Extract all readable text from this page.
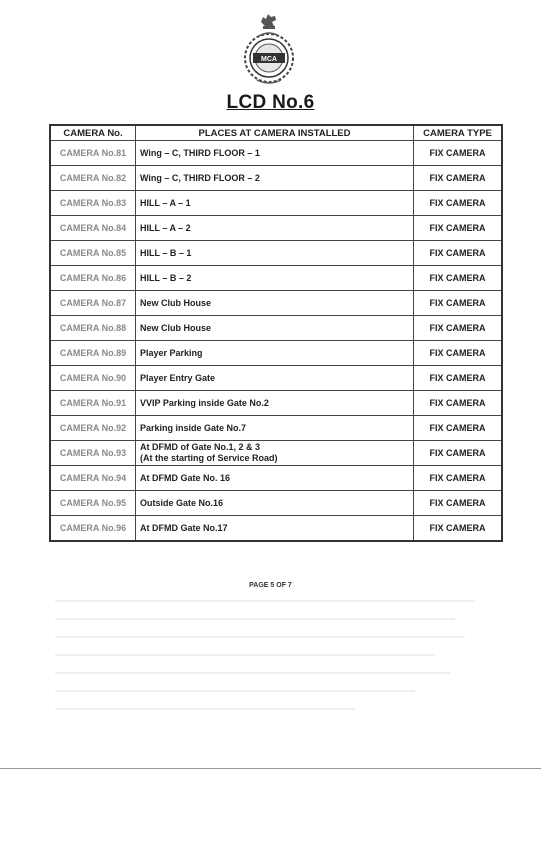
MCA
LCD No.6
CAMERA No.	PLACES AT CAMERA INSTALLED	CAMERA TYPE
CAMERA No.81	Wing – C, THIRD FLOOR – 1	FIX CAMERA
CAMERA No.82	Wing – C, THIRD FLOOR – 2	FIX CAMERA
CAMERA No.83	HILL – A – 1	FIX CAMERA
CAMERA No.84	HILL – A – 2	FIX CAMERA
CAMERA No.85	HILL – B – 1	FIX CAMERA
CAMERA No.86	HILL – B – 2	FIX CAMERA
CAMERA No.87	New Club House	FIX CAMERA
CAMERA No.88	New Club House	FIX CAMERA
CAMERA No.89	Player Parking	FIX CAMERA
CAMERA No.90	Player Entry Gate	FIX CAMERA
CAMERA No.91	VVIP Parking inside Gate No.2	FIX CAMERA
CAMERA No.92	Parking inside Gate No.7	FIX CAMERA
CAMERA No.93	At DFMD of Gate No.1, 2 & 3
(At the starting of Service Road)	FIX CAMERA
CAMERA No.94	At DFMD Gate No. 16	FIX CAMERA
CAMERA No.95	Outside Gate No.16	FIX CAMERA
CAMERA No.96	At DFMD Gate No.17	FIX CAMERA
PAGE 5 OF 7
